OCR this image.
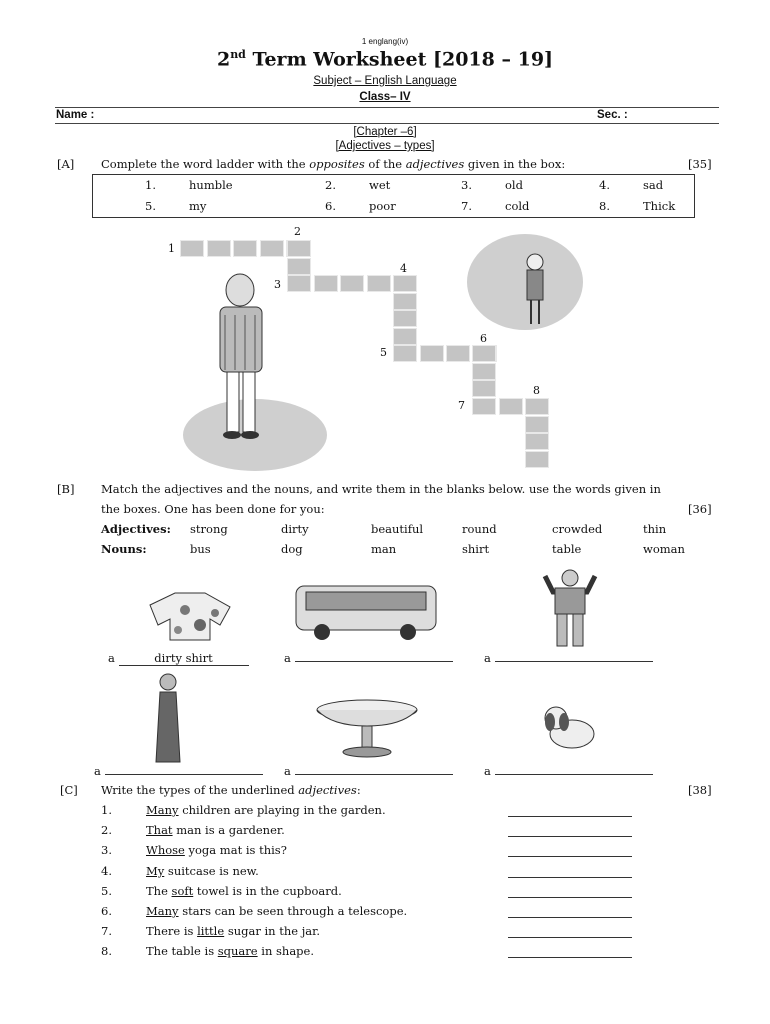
1 englang(iv)
2nd Term Worksheet [2018 – 19]
Subject – English Language
Class– IV
Name :	Sec. :
[Chapter –6]
[Adjectives – types]
[A] Complete the word ladder with the opposites of the adjectives given in the box:	[35]
1.	humble	2.	wet	3.	old	4.	sad
5.	my	6.	poor	7.	cold	8.	Thick
1
2
3
4
5
6
7
8
[B] Match the adjectives and the nouns, and write them in the blanks below. use the words given in
the boxes. One has been done for you:	[36]
Adjectives: strong	dirty	beautiful	round	crowded	thin
Nouns:	bus	dog	man	shirt	table	woman
a	dirty shirt	a	a
a	a	a
[C] Write the types of the underlined adjectives:	[38]
1.	Many children are playing in the garden.
2.	That man is a gardener.
3.	Whose yoga mat is this?
4.	My suitcase is new.
5.	The soft towel is in the cupboard.
6.	Many stars can be seen through a telescope.
7.	There is little sugar in the jar.
8.	The table is square in shape.
